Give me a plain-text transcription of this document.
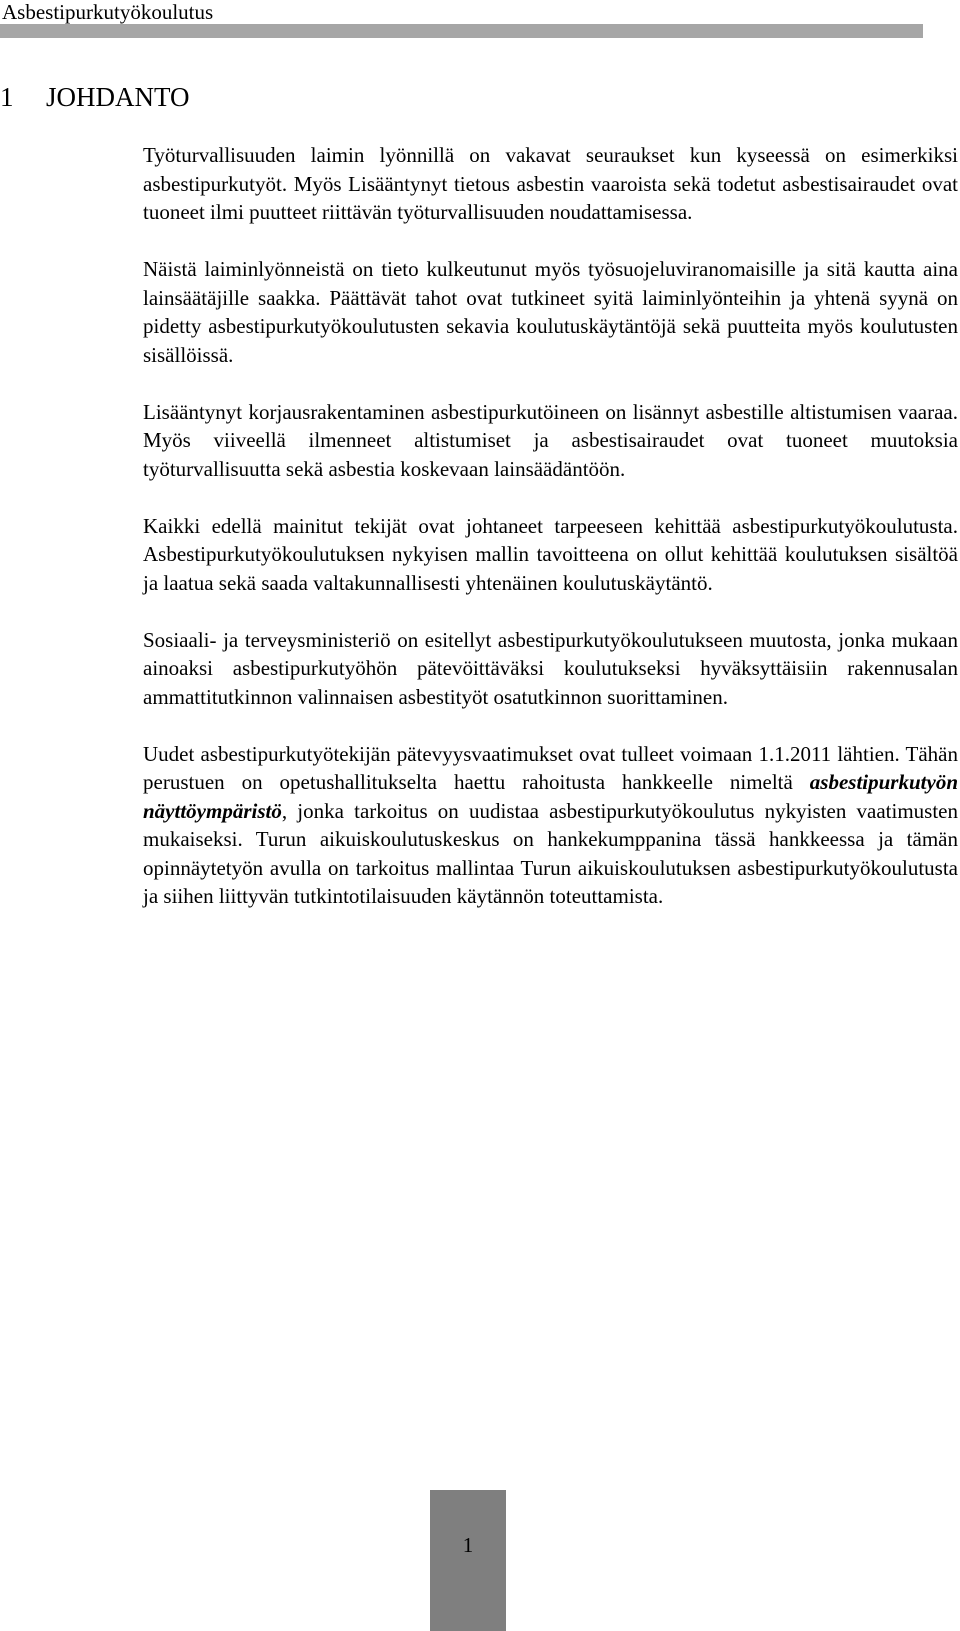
Asbestipurkutyökoulutus
1 JOHDANTO

Työturvallisuuden laimin lyönnillä on vakavat seuraukset kun kyseessä on esimerkiksi asbestipurkutyöt. Myös Lisääntynyt tietous asbestin vaaroista sekä todetut asbestisairaudet ovat tuoneet ilmi puutteet riittävän työturvallisuuden noudattamisessa.

Näistä laiminlyönneistä on tieto kulkeutunut myös työsuojeluviranomaisille ja sitä kautta aina lainsäätäjille saakka. Päättävät tahot ovat tutkineet syitä laiminlyönteihin ja yhtenä syynä on pidetty asbestipurkutyökoulutusten sekavia koulutuskäytäntöjä sekä puutteita myös koulutusten sisällöissä.

Lisääntynyt korjausrakentaminen asbestipurkutöineen on lisännyt asbestille altistumisen vaaraa. Myös viiveellä ilmenneet altistumiset ja asbestisairaudet ovat tuoneet muutoksia työturvallisuutta sekä asbestia koskevaan lainsäädäntöön.

Kaikki edellä mainitut tekijät ovat johtaneet tarpeeseen kehittää asbestipurkutyökoulutusta. Asbestipurkutyökoulutuksen nykyisen mallin tavoitteena on ollut kehittää koulutuksen sisältöä ja laatua sekä saada valtakunnallisesti yhtenäinen koulutuskäytäntö.

Sosiaali- ja terveysministeriö on esitellyt asbestipurkutyökoulutukseen muutosta, jonka mukaan ainoaksi asbestipurkutyöhön pätevöittäväksi koulutukseksi hyväksyttäisiin rakennusalan ammattitutkinnon valinnaisen asbestityöt osatutkinnon suorittaminen.

Uudet asbestipurkutyötekijän pätevyysvaatimukset ovat tulleet voimaan 1.1.2011 lähtien. Tähän perustuen on opetushallitukselta haettu rahoitusta hankkeelle nimeltä asbestipurkutyön näyttöympäristö, jonka tarkoitus on uudistaa asbestipurkutyökoulutus nykyisten vaatimusten mukaiseksi. Turun aikuiskoulutuskeskus on hankekumppanina tässä hankkeessa ja tämän opinnäytetyön avulla on tarkoitus mallintaa Turun aikuiskoulutuksen asbestipurkutyökoulutusta ja siihen liittyvän tutkintotilaisuuden käytännön toteuttamista.

1
